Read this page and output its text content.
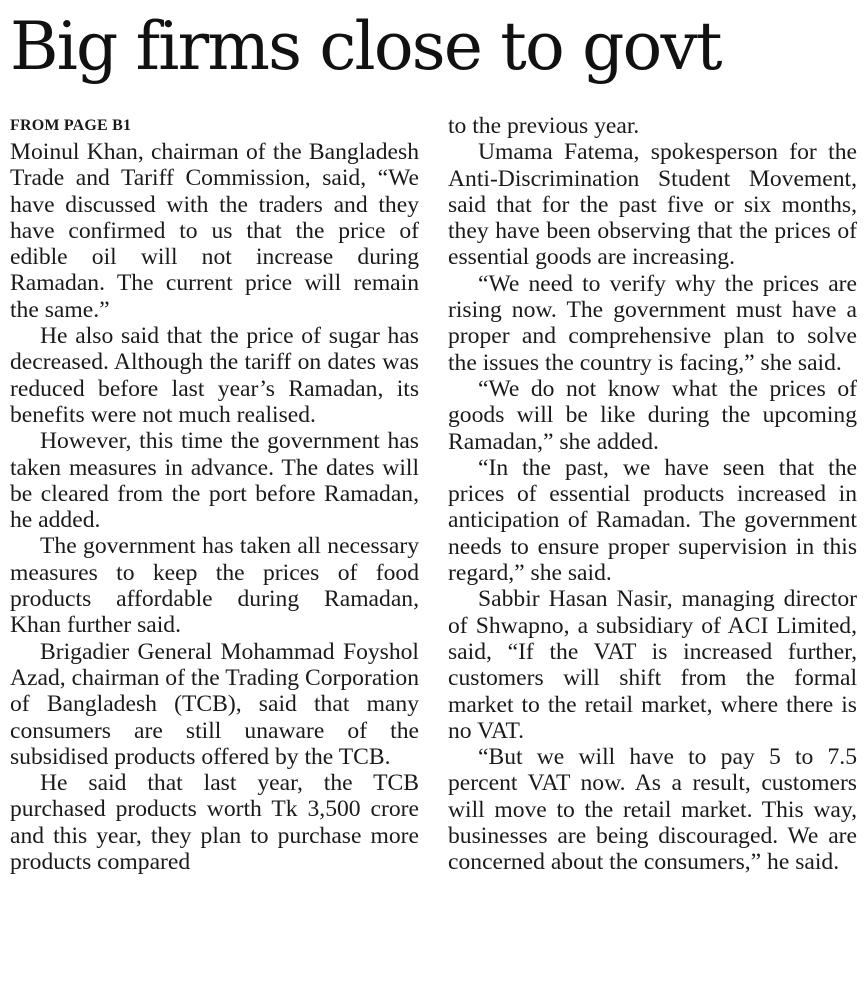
Big firms close to govt
FROM PAGE B1

Moinul Khan, chairman of the Bangladesh Trade and Tariff Commission, said, “We have discussed with the traders and they have confirmed to us that the price of edible oil will not increase during Ramadan. The current price will remain the same.”

He also said that the price of sugar has decreased. Although the tariff on dates was reduced before last year’s Ramadan, its benefits were not much realised.

However, this time the government has taken measures in advance. The dates will be cleared from the port before Ramadan, he added.

The government has taken all necessary measures to keep the prices of food products affordable during Ramadan, Khan further said.

Brigadier General Mohammad Foyshol Azad, chairman of the Trading Corporation of Bangladesh (TCB), said that many consumers are still unaware of the subsidised products offered by the TCB.

He said that last year, the TCB purchased products worth Tk 3,500 crore and this year, they plan to purchase more products compared

to the previous year.

Umama Fatema, spokesperson for the Anti-Discrimination Student Movement, said that for the past five or six months, they have been observing that the prices of essential goods are increasing.

“We need to verify why the prices are rising now. The government must have a proper and comprehensive plan to solve the issues the country is facing,” she said.

“We do not know what the prices of goods will be like during the upcoming Ramadan,” she added.

“In the past, we have seen that the prices of essential products increased in anticipation of Ramadan. The government needs to ensure proper supervision in this regard,” she said.

Sabbir Hasan Nasir, managing director of Shwapno, a subsidiary of ACI Limited, said, “If the VAT is increased further, customers will shift from the formal market to the retail market, where there is no VAT.

“But we will have to pay 5 to 7.5 percent VAT now. As a result, customers will move to the retail market. This way, businesses are being discouraged. We are concerned about the consumers,” he said.
